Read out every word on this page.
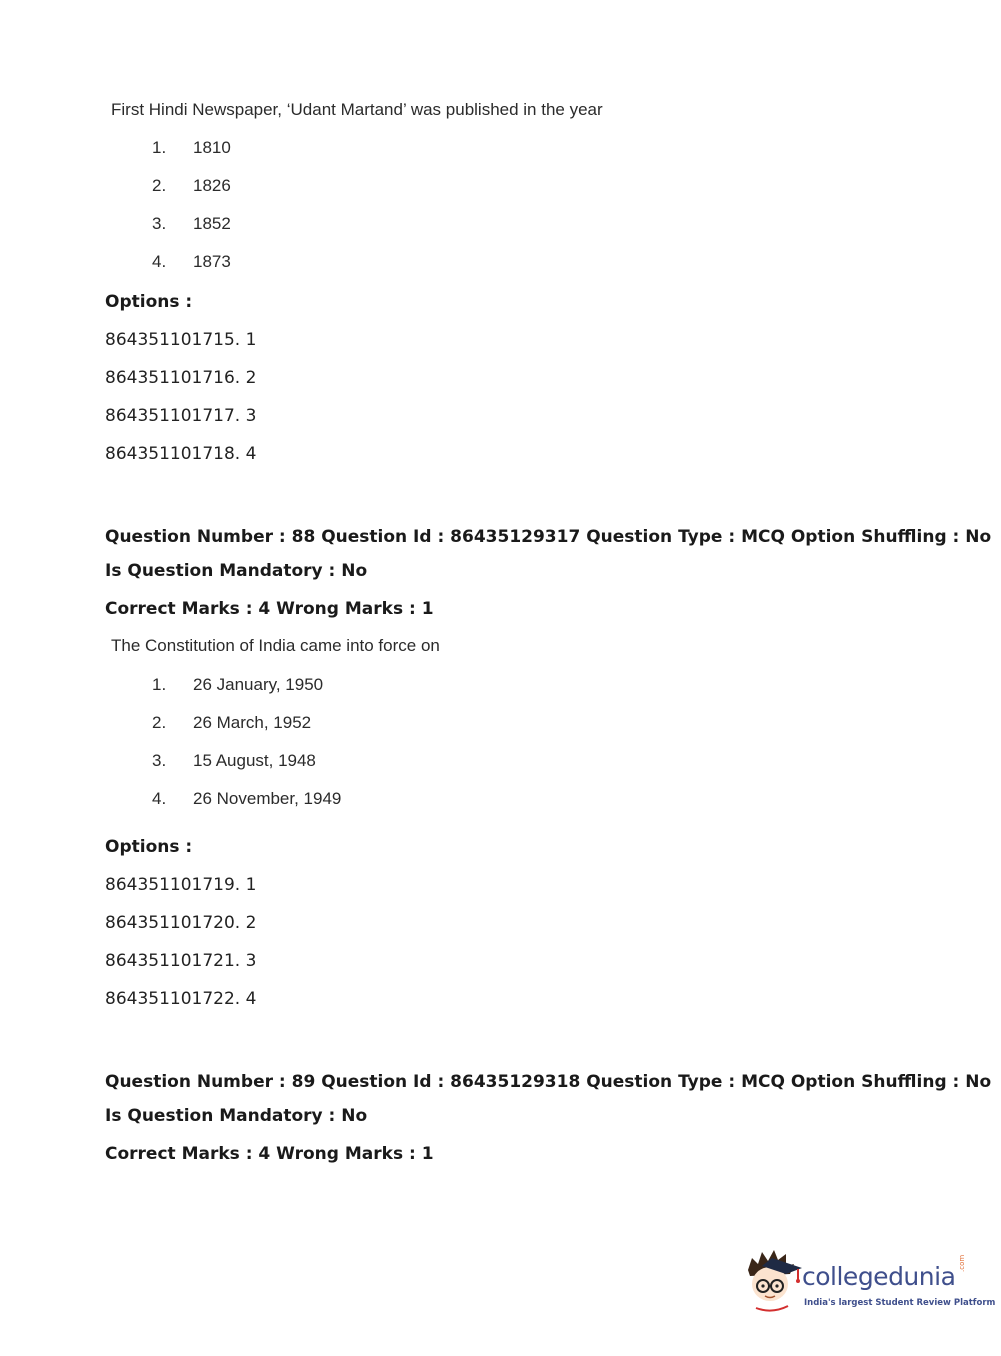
First Hindi Newspaper, ‘Udant Martand’ was published in the year
1. 1810
2. 1826
3. 1852
4. 1873
Options :
864351101715. 1
864351101716. 2
864351101717. 3
864351101718. 4
Question Number : 88 Question Id : 86435129317 Question Type : MCQ Option Shuffling : No
Is Question Mandatory : No
Correct Marks : 4 Wrong Marks : 1
The Constitution of India came into force on
1. 26 January, 1950
2. 26 March, 1952
3. 15 August, 1948
4. 26 November, 1949
Options :
864351101719. 1
864351101720. 2
864351101721. 3
864351101722. 4
Question Number : 89 Question Id : 86435129318 Question Type : MCQ Option Shuffling : No
Is Question Mandatory : No
Correct Marks : 4 Wrong Marks : 1
collegedunia .com
India's largest Student Review Platform
